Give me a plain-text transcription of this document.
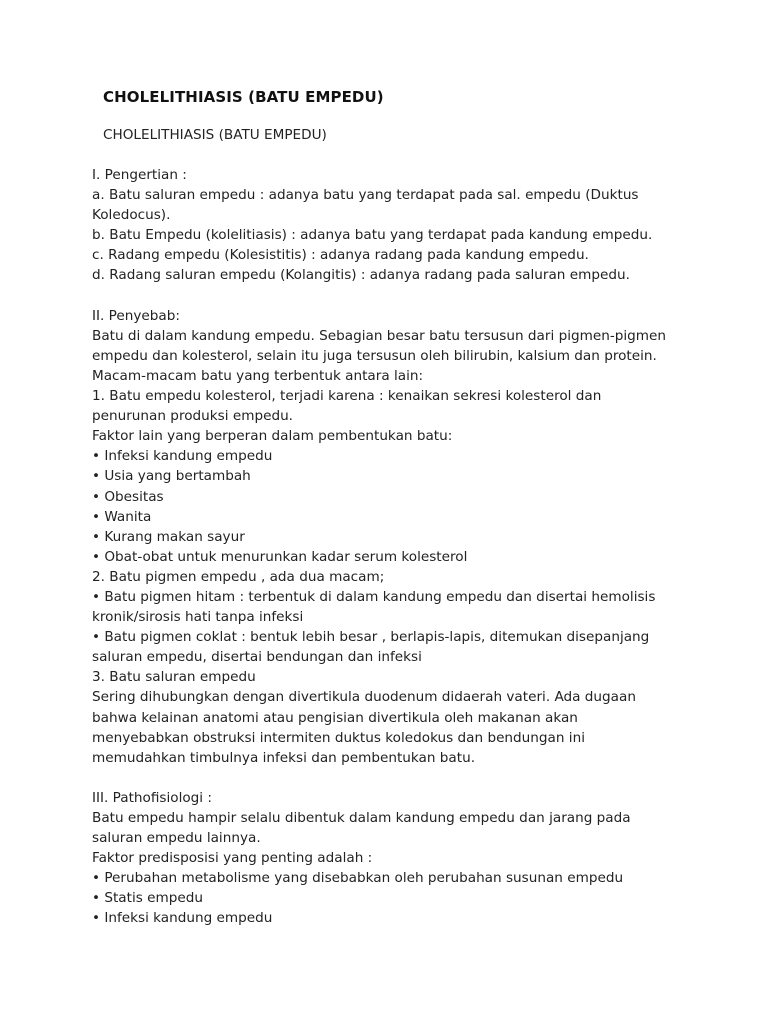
CHOLELITHIASIS (BATU EMPEDU)
CHOLELITHIASIS (BATU EMPEDU)
I. Pengertian :
a. Batu saluran empedu : adanya batu yang terdapat pada sal. empedu (Duktus
Koledocus).
b. Batu Empedu (kolelitiasis) : adanya batu yang terdapat pada kandung empedu.
c. Radang empedu (Kolesistitis) : adanya radang pada kandung empedu.
d. Radang saluran empedu (Kolangitis) : adanya radang pada saluran empedu.
II. Penyebab:
Batu di dalam kandung empedu. Sebagian besar batu tersusun dari pigmen-pigmen
empedu dan kolesterol, selain itu juga tersusun oleh bilirubin, kalsium dan protein.
Macam-macam batu yang terbentuk antara lain:
1. Batu empedu kolesterol, terjadi karena : kenaikan sekresi kolesterol dan
penurunan produksi empedu.
Faktor lain yang berperan dalam pembentukan batu:
• Infeksi kandung empedu
• Usia yang bertambah
• Obesitas
• Wanita
• Kurang makan sayur
• Obat-obat untuk menurunkan kadar serum kolesterol
2. Batu pigmen empedu , ada dua macam;
• Batu pigmen hitam : terbentuk di dalam kandung empedu dan disertai hemolisis
kronik/sirosis hati tanpa infeksi
• Batu pigmen coklat : bentuk lebih besar , berlapis-lapis, ditemukan disepanjang
saluran empedu, disertai bendungan dan infeksi
3. Batu saluran empedu
Sering dihubungkan dengan divertikula duodenum didaerah vateri. Ada dugaan
bahwa kelainan anatomi atau pengisian divertikula oleh makanan akan
menyebabkan obstruksi intermiten duktus koledokus dan bendungan ini
memudahkan timbulnya infeksi dan pembentukan batu.
III. Pathofisiologi :
Batu empedu hampir selalu dibentuk dalam kandung empedu dan jarang pada
saluran empedu lainnya.
Faktor predisposisi yang penting adalah :
• Perubahan metabolisme yang disebabkan oleh perubahan susunan empedu
• Statis empedu
• Infeksi kandung empedu
